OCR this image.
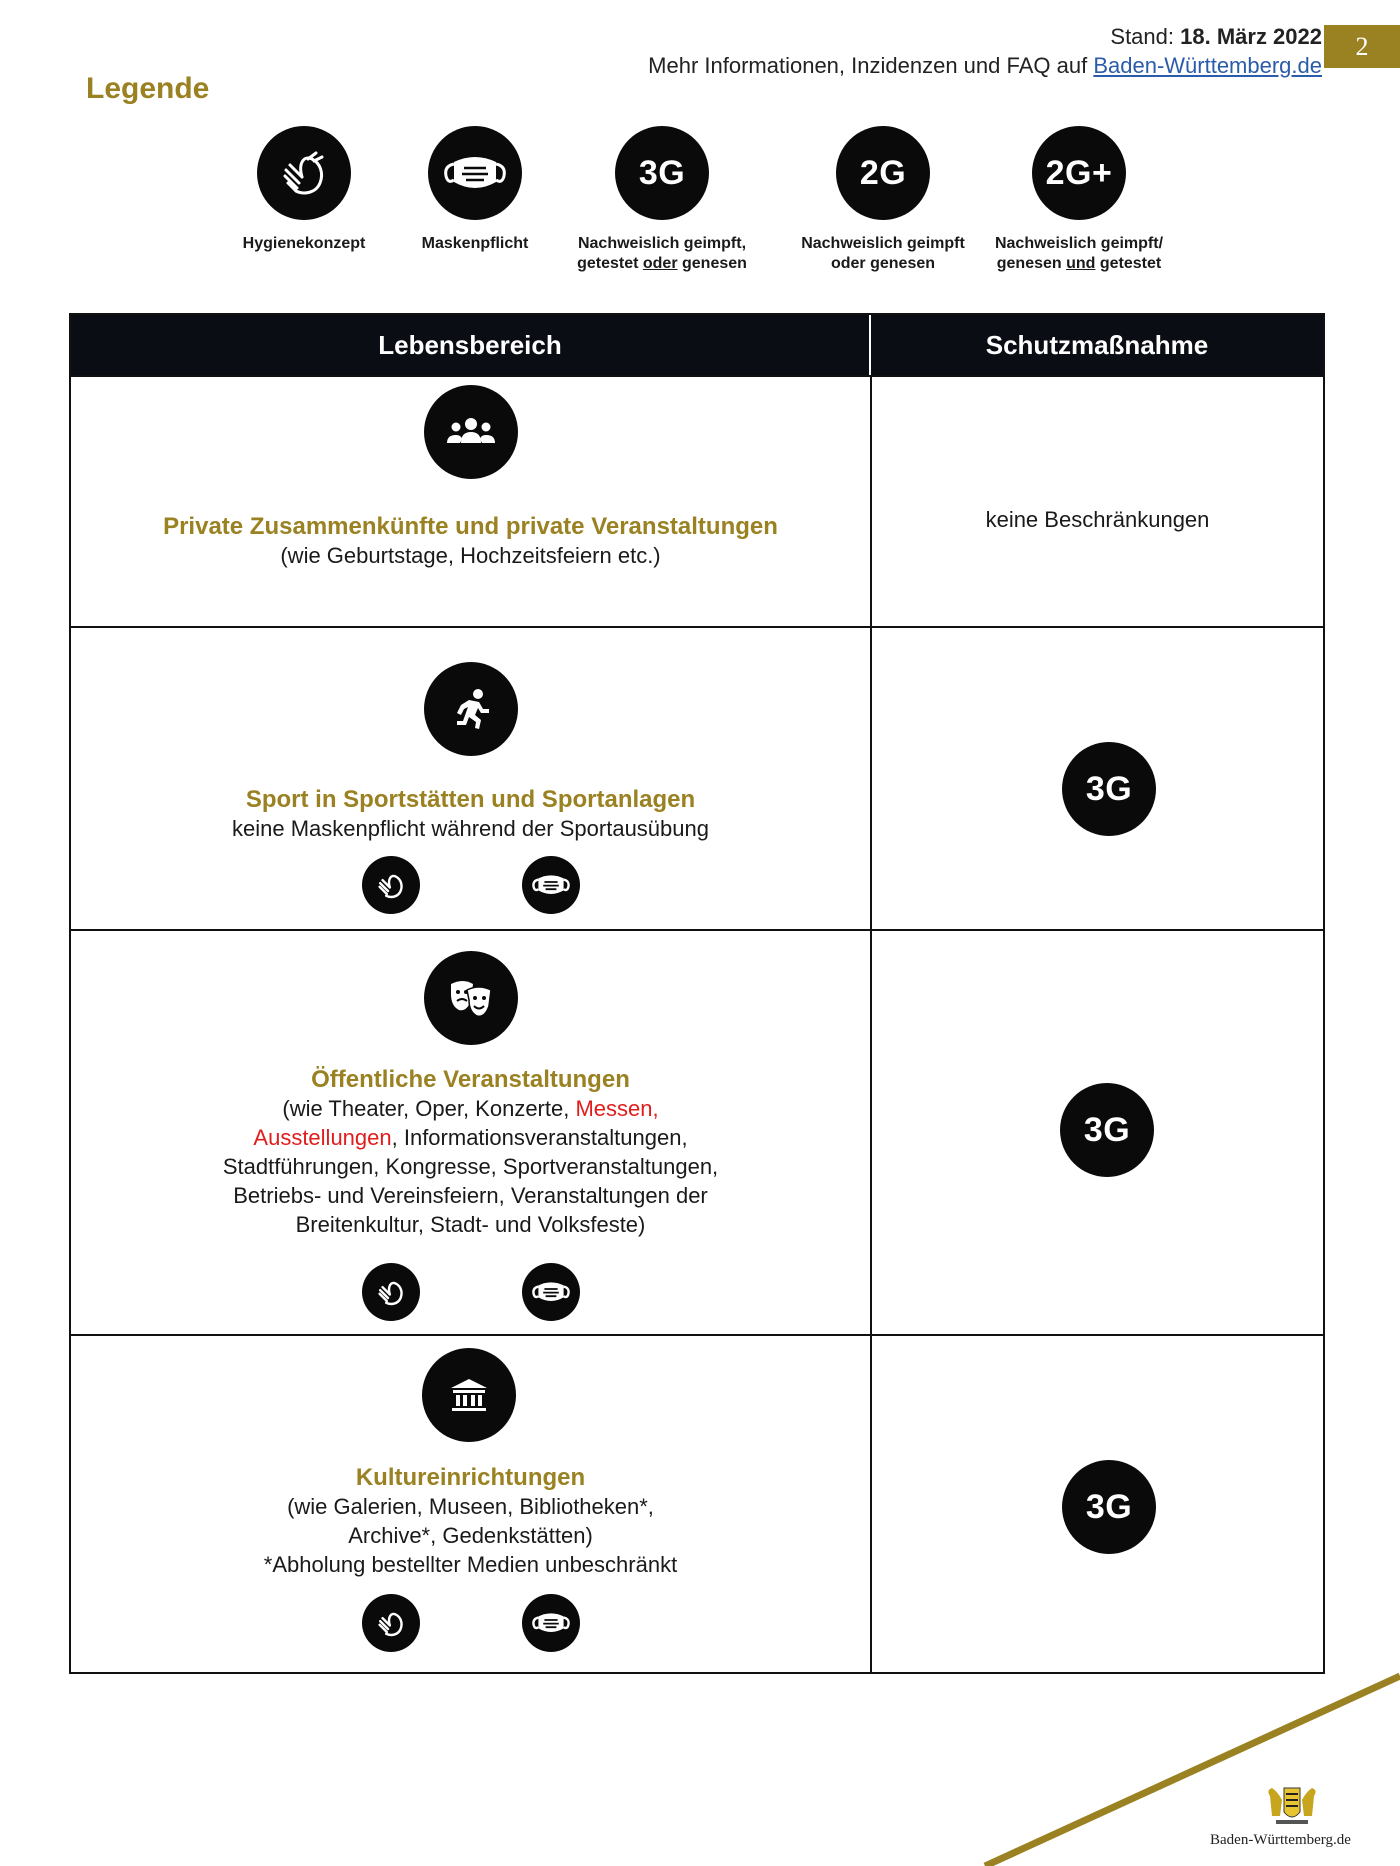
Stand: 18. März 2022
Mehr Informationen, Inzidenzen und FAQ auf Baden-Württemberg.de
2
Legende
Hygienekonzept	Maskenpflicht
3G
Nachweislich geimpft,
getestet oder genesen
2G
Nachweislich geimpft
oder genesen
2G+
Nachweislich geimpft/
genesen und getestet
Lebensbereich	Schutzmaßnahme
Private Zusammenkünfte und private Veranstaltungen
(wie Geburtstage, Hochzeitsfeiern etc.)
keine Beschränkungen
Sport in Sportstätten und Sportanlagen
keine Maskenpflicht während der Sportausübung
3G
Öffentliche Veranstaltungen
(wie Theater, Oper, Konzerte, Messen,
Ausstellungen, Informationsveranstaltungen,
Stadtführungen, Kongresse, Sportveranstaltungen,
Betriebs- und Vereinsfeiern, Veranstaltungen der
Breitenkultur, Stadt- und Volksfeste)
3G
Kultureinrichtungen
(wie Galerien, Museen, Bibliotheken*,
Archive*, Gedenkstätten)
*Abholung bestellter Medien unbeschränkt
3G
Baden-Württemberg.de
